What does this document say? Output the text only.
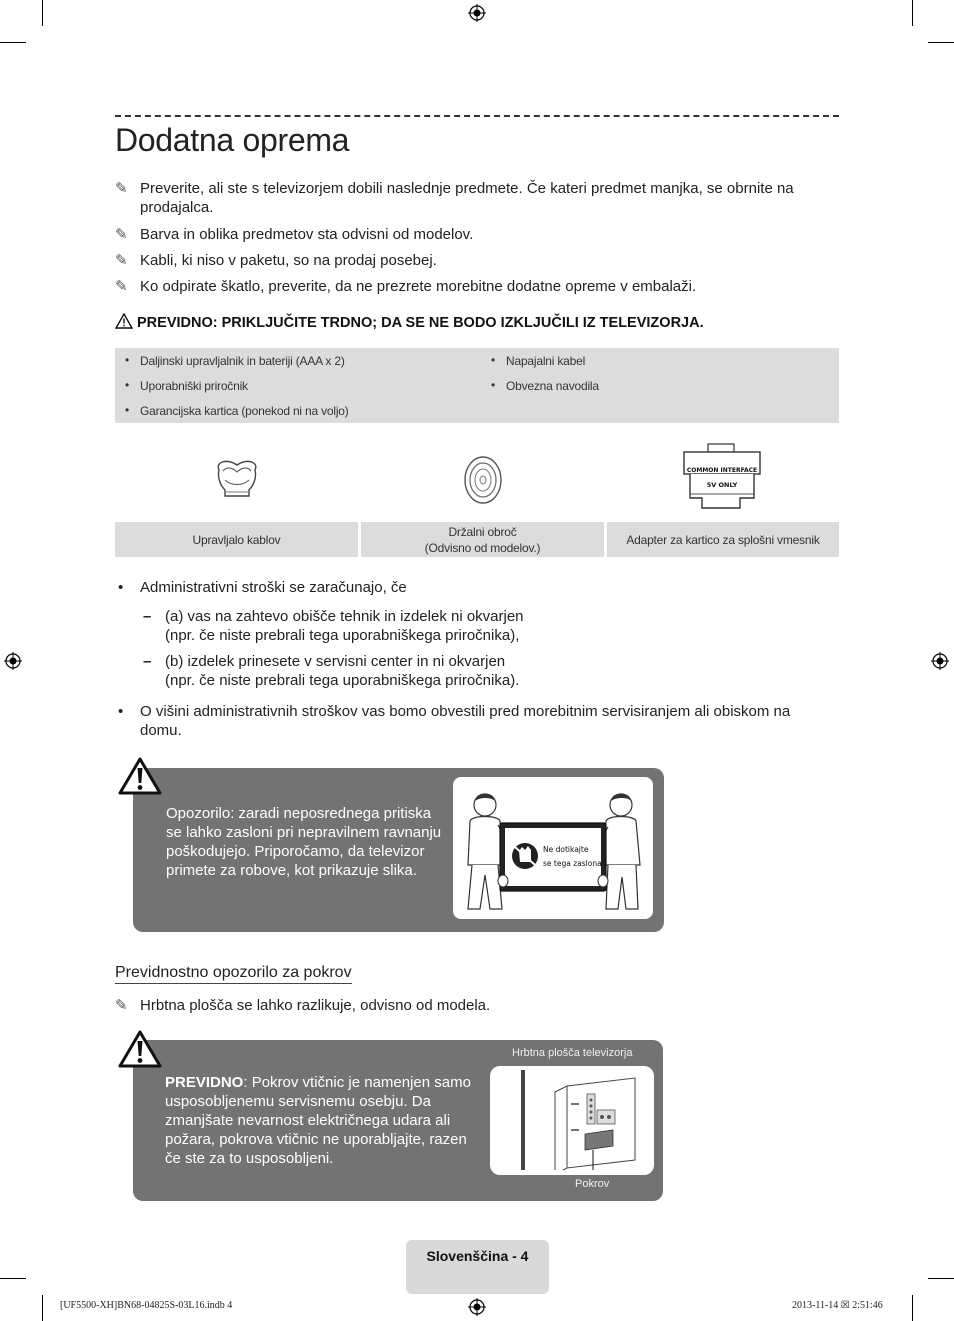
Dodatna oprema
✎ Preverite, ali ste s televizorjem dobili naslednje predmete. Če kateri predmet manjka, se obrnite na prodajalca.
✎ Barva in oblika predmetov sta odvisni od modelov.
✎ Kabli, ki niso v paketu, so na prodaj posebej.
✎ Ko odpirate škatlo, preverite, da ne prezrete morebitne dodatne opreme v embalaži.
PREVIDNO: PRIKLJUČITE TRDNO; DA SE NE BODO IZKLJUČILI IZ TELEVIZORJA.
• Daljinski upravljalnik in bateriji (AAA x 2)
• Uporabniški priročnik
• Garancijska kartica (ponekod ni na voljo)
• Napajalni kabel
• Obvezna navodila
COMMON INTERFACE
5V ONLY
Upravljalo kablov
Držalni obroč
(Odvisno od modelov.)
Adapter za kartico za splošni vmesnik
• Administrativni stroški se zaračunajo, če
– (a) vas na zahtevo obišče tehnik in izdelek ni okvarjen
(npr. če niste prebrali tega uporabniškega priročnika),
– (b) izdelek prinesete v servisni center in ni okvarjen
(npr. če niste prebrali tega uporabniškega priročnika).
• O višini administrativnih stroškov vas bomo obvestili pred morebitnim servisiranjem ali obiskom na domu.
Opozorilo: zaradi neposrednega pritiska se lahko zasloni pri nepravilnem ravnanju poškodujejo. Priporočamo, da televizor primete za robove, kot prikazuje slika.
Ne dotikajte
se tega zaslona!
Previdnostno opozorilo za pokrov
✎ Hrbtna plošča se lahko razlikuje, odvisno od modela.
PREVIDNO: Pokrov vtičnic je namenjen samo usposobljenemu servisnemu osebju. Da zmanjšate nevarnost električnega udara ali požara, pokrova vtičnic ne uporabljajte, razen če ste za to usposobljeni.
Hrbtna plošča televizorja
Pokrov
Slovenščina - 4
[UF5500-XH]BN68-04825S-03L16.indb 4	2013-11-14 ☒ 2:51:46
